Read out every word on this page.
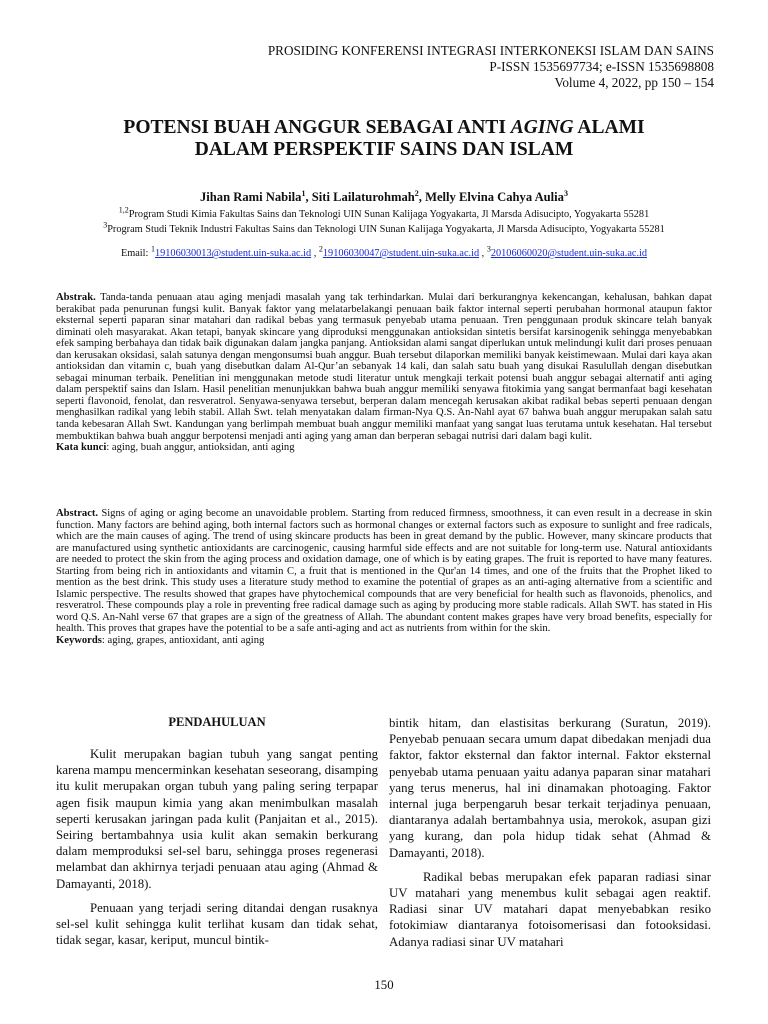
PROSIDING KONFERENSI INTEGRASI INTERKONEKSI ISLAM DAN SAINS
P-ISSN 1535697734; e-ISSN 1535698808
Volume 4, 2022, pp 150 – 154
POTENSI BUAH ANGGUR SEBAGAI ANTI AGING ALAMI
DALAM PERSPEKTIF SAINS DAN ISLAM
Jihan Rami Nabila$^1$, Siti Lailaturohmah$^2$, Melly Elvina Cahya Aulia$^3$
$^{1,2}$Program Studi Kimia Fakultas Sains dan Teknologi UIN Sunan Kalijaga Yogyakarta, Jl Marsda Adisucipto, Yogyakarta 55281
$^3$Program Studi Teknik Industri Fakultas Sains dan Teknologi UIN Sunan Kalijaga Yogyakarta, Jl Marsda Adisucipto, Yogyakarta 55281
Email: $^1$19106030013@student.uin-suka.ac.id , $^2$19106030047@student.uin-suka.ac.id , $^3$20106060020@student.uin-suka.ac.id
Abstrak. Tanda-tanda penuaan atau aging menjadi masalah yang tak terhindarkan. Mulai dari berkurangnya kekencangan, kehalusan, bahkan dapat berakibat pada penurunan fungsi kulit. Banyak faktor yang melatarbelakangi penuaan baik faktor internal seperti perubahan hormonal ataupun faktor eksternal seperti paparan sinar matahari dan radikal bebas yang termasuk penyebab utama penuaan. Tren penggunaan produk skincare telah banyak diminati oleh masyarakat. Akan tetapi, banyak skincare yang diproduksi menggunakan antioksidan sintetis bersifat karsinogenik sehingga menyebabkan efek samping berbahaya dan tidak baik digunakan dalam jangka panjang. Antioksidan alami sangat diperlukan untuk melindungi kulit dari proses penuaan dan kerusakan oksidasi, salah satunya dengan mengonsumsi buah anggur. Buah tersebut dilaporkan memiliki banyak keistimewaan. Mulai dari kaya akan antioksidan dan vitamin c, buah yang disebutkan dalam Al-Qur’an sebanyak 14 kali, dan salah satu buah yang disukai Rasulullah dengan disebutkan sebagai minuman terbaik. Penelitian ini menggunakan metode studi literatur untuk mengkaji terkait potensi buah anggur sebagai alternatif anti aging dalam perspektif sains dan Islam. Hasil penelitian menunjukkan bahwa buah anggur memiliki senyawa fitokimia yang sangat bermanfaat bagi kesehatan seperti flavonoid, fenolat, dan resveratrol. Senyawa-senyawa tersebut, berperan dalam mencegah kerusakan akibat radikal bebas seperti penuaan dengan menghasilkan radikal yang lebih stabil. Allah Swt. telah menyatakan dalam firman-Nya Q.S. An-Nahl ayat 67 bahwa buah anggur merupakan salah satu tanda kebesaran Allah Swt. Kandungan yang berlimpah membuat buah anggur memiliki manfaat yang sangat luas terutama untuk kesehatan. Hal tersebut membuktikan bahwa buah anggur berpotensi menjadi anti aging yang aman dan berperan sebagai nutrisi dari dalam bagi kulit.
Kata kunci: aging, buah anggur, antioksidan, anti aging
Abstract. Signs of aging or aging become an unavoidable problem. Starting from reduced firmness, smoothness, it can even result in a decrease in skin function. Many factors are behind aging, both internal factors such as hormonal changes or external factors such as exposure to sunlight and free radicals, which are the main causes of aging. The trend of using skincare products has been in great demand by the public. However, many skincare products that are manufactured using synthetic antioxidants are carcinogenic, causing harmful side effects and are not suitable for long-term use. Natural antioxidants are needed to protect the skin from the aging process and oxidation damage, one of which is by eating grapes. The fruit is reported to have many features. Starting from being rich in antioxidants and vitamin C, a fruit that is mentioned in the Qur'an 14 times, and one of the fruits that the Prophet liked to mention as the best drink. This study uses a literature study method to examine the potential of grapes as an anti-aging alternative from a scientific and Islamic perspective. The results showed that grapes have phytochemical compounds that are very beneficial for health such as flavonoids, phenolics, and resveratrol. These compounds play a role in preventing free radical damage such as aging by producing more stable radicals. Allah SWT. has stated in His word Q.S. An-Nahl verse 67 that grapes are a sign of the greatness of Allah. The abundant content makes grapes have very broad benefits, especially for health. This proves that grapes have the potential to be a safe anti-aging and act as nutrients from within for the skin.
Keywords: aging, grapes, antioxidant, anti aging
PENDAHULUAN

Kulit merupakan bagian tubuh yang sangat penting karena mampu mencerminkan kesehatan seseorang, disamping itu kulit merupakan organ tubuh yang paling sering terpapar agen fisik maupun kimia yang akan menimbulkan masalah seperti kerusakan jaringan pada kulit (Panjaitan et al., 2015). Seiring bertambahnya usia kulit akan semakin berkurang dalam memproduksi sel-sel baru, sehingga proses regenerasi melambat dan akhirnya terjadi penuaan atau aging (Ahmad & Damayanti, 2018).

Penuaan yang terjadi sering ditandai dengan rusaknya sel-sel kulit sehingga kulit terlihat kusam dan tidak sehat, tidak segar, kasar, keriput, muncul bintik-

bintik hitam, dan elastisitas berkurang (Suratun, 2019). Penyebab penuaan secara umum dapat dibedakan menjadi dua faktor, faktor eksternal dan faktor internal. Faktor eksternal penyebab utama penuaan yaitu adanya paparan sinar matahari yang terus menerus, hal ini dinamakan photoaging. Faktor internal juga berpengaruh besar terkait terjadinya penuaan, diantaranya adalah bertambahnya usia, merokok, asupan gizi yang kurang, dan pola hidup tidak sehat (Ahmad & Damayanti, 2018).

Radikal bebas merupakan efek paparan radiasi sinar UV matahari yang menembus kulit sebagai agen reaktif. Radiasi sinar UV matahari dapat menyebabkan resiko fotokimiaw diantaranya fotoisomerisasi dan fotooksidasi. Adanya radiasi sinar UV matahari

150
